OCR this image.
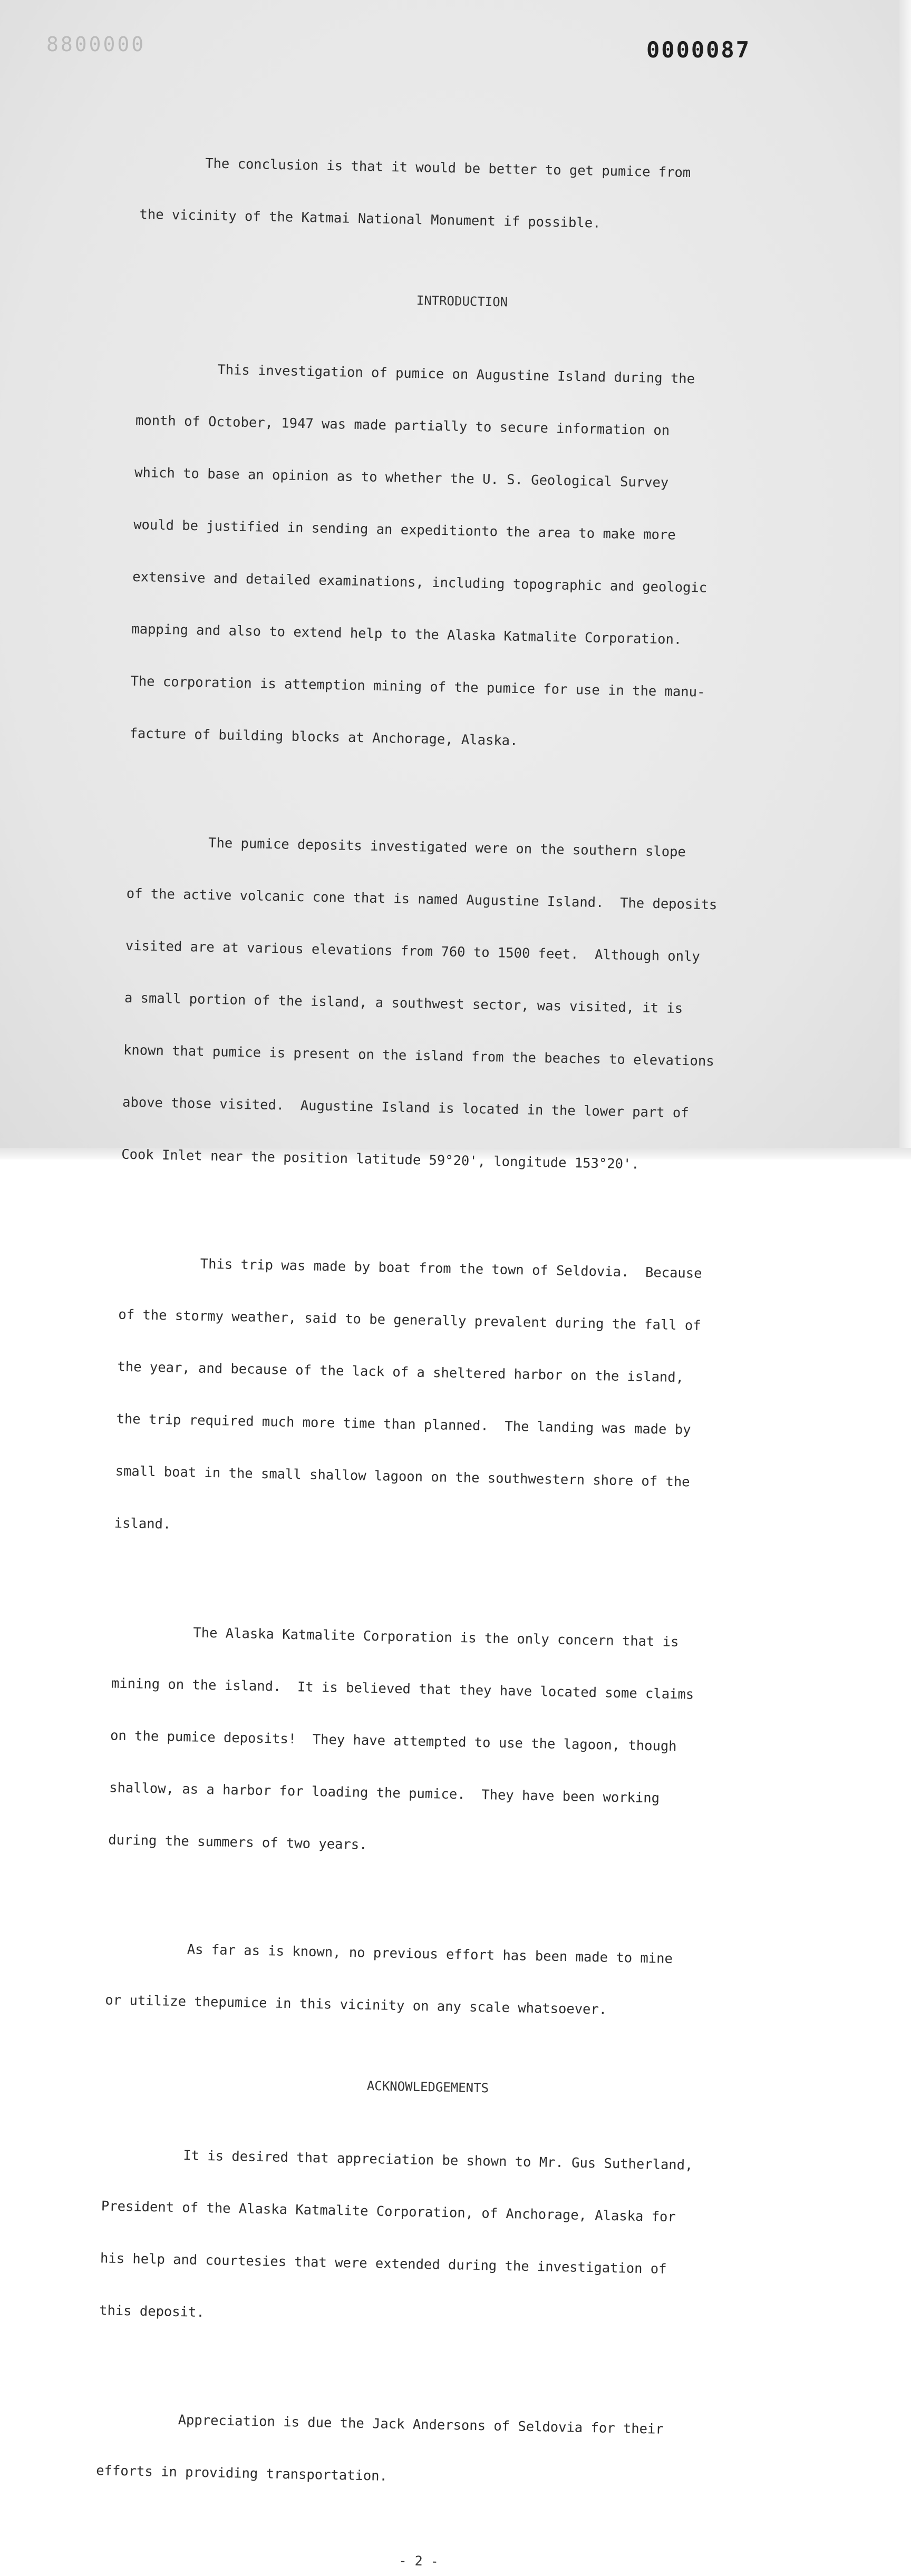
8800000	0000087

The conclusion is that it would be better to get pumice from

the vicinity of the Katmai National Monument if possible.

INTRODUCTION

This investigation of pumice on Augustine Island during the

month of October, 1947 was made partially to secure information on

which to base an opinion as to whether the U. S. Geological Survey

would be justified in sending an expeditionto the area to make more

extensive and detailed examinations, including topographic and geologic

mapping and also to extend help to the Alaska Katmalite Corporation.

The corporation is attemption mining of the pumice for use in the manu-

facture of building blocks at Anchorage, Alaska.

The pumice deposits investigated were on the southern slope

of the active volcanic cone that is named Augustine Island.  The deposits

visited are at various elevations from 760 to 1500 feet.  Although only

a small portion of the island, a southwest sector, was visited, it is

known that pumice is present on the island from the beaches to elevations

above those visited.  Augustine Island is located in the lower part of

Cook Inlet near the position latitude 59°20', longitude 153°20'.

This trip was made by boat from the town of Seldovia.  Because

of the stormy weather, said to be generally prevalent during the fall of

the year, and because of the lack of a sheltered harbor on the island,

the trip required much more time than planned.  The landing was made by

small boat in the small shallow lagoon on the southwestern shore of the

island.

The Alaska Katmalite Corporation is the only concern that is

mining on the island.  It is believed that they have located some claims

on the pumice deposits!  They have attempted to use the lagoon, though

shallow, as a harbor for loading the pumice.  They have been working

during the summers of two years.

As far as is known, no previous effort has been made to mine

or utilize thepumice in this vicinity on any scale whatsoever.

ACKNOWLEDGEMENTS

It is desired that appreciation be shown to Mr. Gus Sutherland,

President of the Alaska Katmalite Corporation, of Anchorage, Alaska for

his help and courtesies that were extended during the investigation of

this deposit.

Appreciation is due the Jack Andersons of Seldovia for their

efforts in providing transportation.

- 2 -
